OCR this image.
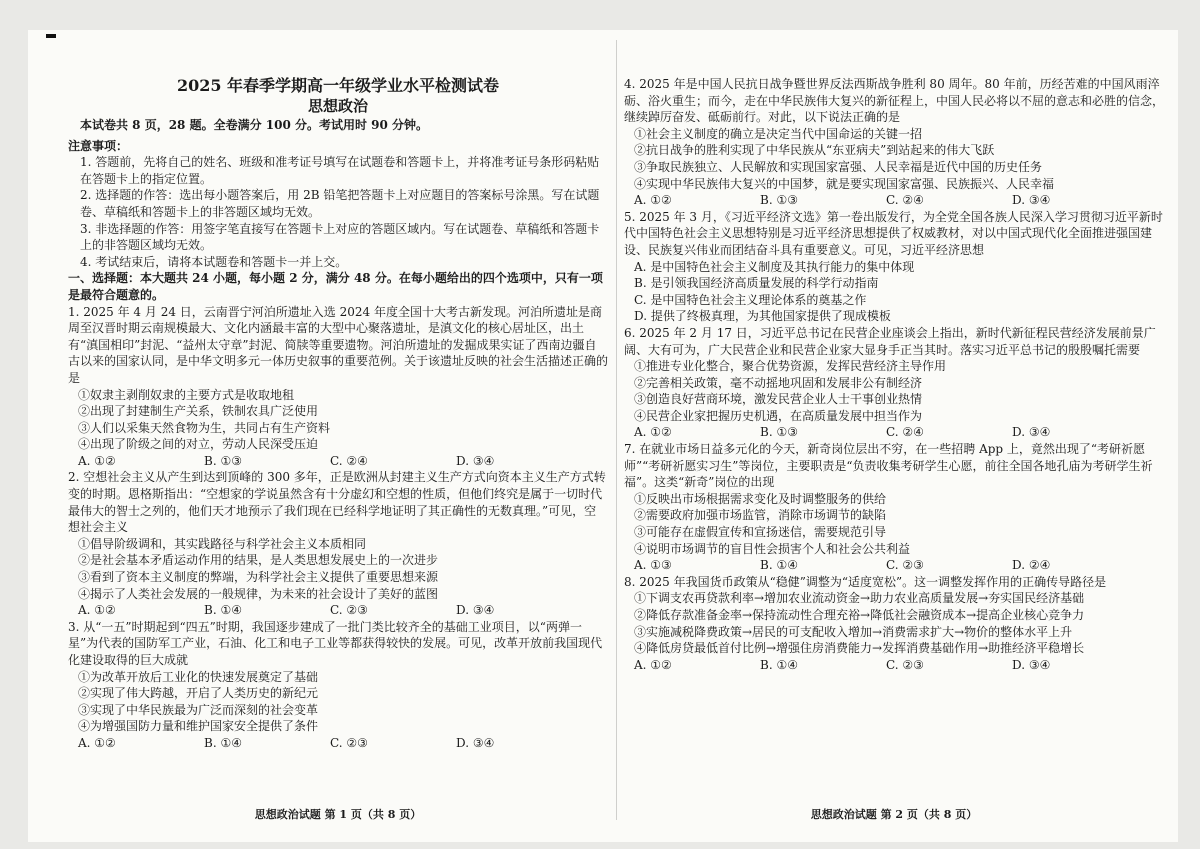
2025 年春季学期高一年级学业水平检测试卷
思想政治

本试卷共 8 页，28 题。全卷满分 100 分。考试用时 90 分钟。

注意事项：

1. 答题前，先将自己的姓名、班级和准考证号填写在试题卷和答题卡上，并将准考证号条形码粘贴在答题卡上的指定位置。

2. 选择题的作答：选出每小题答案后，用 2B 铅笔把答题卡上对应题目的答案标号涂黑。写在试题卷、草稿纸和答题卡上的非答题区域均无效。

3. 非选择题的作答：用签字笔直接写在答题卡上对应的答题区域内。写在试题卷、草稿纸和答题卡上的非答题区域均无效。

4. 考试结束后，请将本试题卷和答题卡一并上交。

一、选择题：本大题共 24 小题，每小题 2 分，满分 48 分。在每小题给出的四个选项中，只有一项是最符合题意的。

1. 2025 年 4 月 24 日，云南晋宁河泊所遗址入选 2024 年度全国十大考古新发现。河泊所遗址是商周至汉晋时期云南规模最大、文化内涵最丰富的大型中心聚落遗址，是滇文化的核心居址区，出土有“滇国相印”封泥、“益州太守章”封泥、简牍等重要遗物。河泊所遗址的发掘成果实证了西南边疆自古以来的国家认同，是中华文明多元一体历史叙事的重要范例。关于该遗址反映的社会生活描述正确的是

①奴隶主剥削奴隶的主要方式是收取地租

②出现了封建制生产关系，铁制农具广泛使用

③人们以采集天然食物为生，共同占有生产资料

④出现了阶级之间的对立，劳动人民深受压迫

A. ①②	B. ①③	C. ②④	D. ③④

2. 空想社会主义从产生到达到顶峰的 300 多年，正是欧洲从封建主义生产方式向资本主义生产方式转变的时期。恩格斯指出：“空想家的学说虽然含有十分虚幻和空想的性质，但他们终究是属于一切时代最伟大的智士之列的，他们天才地预示了我们现在已经科学地证明了其正确性的无数真理。”可见，空想社会主义

①倡导阶级调和，其实践路径与科学社会主义本质相同

②是社会基本矛盾运动作用的结果，是人类思想发展史上的一次进步

③看到了资本主义制度的弊端，为科学社会主义提供了重要思想来源

④揭示了人类社会发展的一般规律，为未来的社会设计了美好的蓝图

A. ①②	B. ①④	C. ②③	D. ③④

3. 从“一五”时期起到“四五”时期，我国逐步建成了一批门类比较齐全的基础工业项目，以“两弹一星”为代表的国防军工产业，石油、化工和电子工业等都获得较快的发展。可见，改革开放前我国现代化建设取得的巨大成就

①为改革开放后工业化的快速发展奠定了基础

②实现了伟大跨越，开启了人类历史的新纪元

③实现了中华民族最为广泛而深刻的社会变革

④为增强国防力量和维护国家安全提供了条件

A. ①②	B. ①④	C. ②③	D. ③④
思想政治试题 第 1 页（共 8 页）

4. 2025 年是中国人民抗日战争暨世界反法西斯战争胜利 80 周年。80 年前，历经苦难的中国风雨淬砺、浴火重生；而今，走在中华民族伟大复兴的新征程上，中国人民必将以不屈的意志和必胜的信念，继续踔厉奋发、砥砺前行。对此，以下说法正确的是

①社会主义制度的确立是决定当代中国命运的关键一招

②抗日战争的胜利实现了中华民族从“东亚病夫”到站起来的伟大飞跃

③争取民族独立、人民解放和实现国家富强、人民幸福是近代中国的历史任务

④实现中华民族伟大复兴的中国梦，就是要实现国家富强、民族振兴、人民幸福

A. ①②	B. ①③	C. ②④	D. ③④

5. 2025 年 3 月，《习近平经济文选》第一卷出版发行，为全党全国各族人民深入学习贯彻习近平新时代中国特色社会主义思想特别是习近平经济思想提供了权威教材，对以中国式现代化全面推进强国建设、民族复兴伟业而团结奋斗具有重要意义。可见，习近平经济思想

A. 是中国特色社会主义制度及其执行能力的集中体现

B. 是引领我国经济高质量发展的科学行动指南

C. 是中国特色社会主义理论体系的奠基之作

D. 提供了终极真理，为其他国家提供了现成模板

6. 2025 年 2 月 17 日，习近平总书记在民营企业座谈会上指出，新时代新征程民营经济发展前景广阔、大有可为，广大民营企业和民营企业家大显身手正当其时。落实习近平总书记的殷殷嘱托需要

①推进专业化整合，聚合优势资源，发挥民营经济主导作用

②完善相关政策，毫不动摇地巩固和发展非公有制经济

③创造良好营商环境，激发民营企业人士干事创业热情

④民营企业家把握历史机遇，在高质量发展中担当作为

A. ①②	B. ①③	C. ②④	D. ③④

7. 在就业市场日益多元化的今天，新奇岗位层出不穷，在一些招聘 App 上，竟然出现了“考研祈愿师”“考研祈愿实习生”等岗位，主要职责是“负责收集考研学生心愿，前往全国各地孔庙为考研学生祈福”。这类“新奇”岗位的出现

①反映出市场根据需求变化及时调整服务的供给

②需要政府加强市场监管，消除市场调节的缺陷

③可能存在虚假宣传和宣扬迷信，需要规范引导

④说明市场调节的盲目性会损害个人和社会公共利益

A. ①③	B. ①④	C. ②③	D. ②④

8. 2025 年我国货币政策从“稳健”调整为“适度宽松”。这一调整发挥作用的正确传导路径是

①下调支农再贷款利率→增加农业流动资金→助力农业高质量发展→夯实国民经济基础

②降低存款准备金率→保持流动性合理充裕→降低社会融资成本→提高企业核心竞争力

③实施减税降费政策→居民的可支配收入增加→消费需求扩大→物价的整体水平上升

④降低房贷最低首付比例→增强住房消费能力→发挥消费基础作用→助推经济平稳增长

A. ①②	B. ①④	C. ②③	D. ③④
思想政治试题 第 2 页（共 8 页）
